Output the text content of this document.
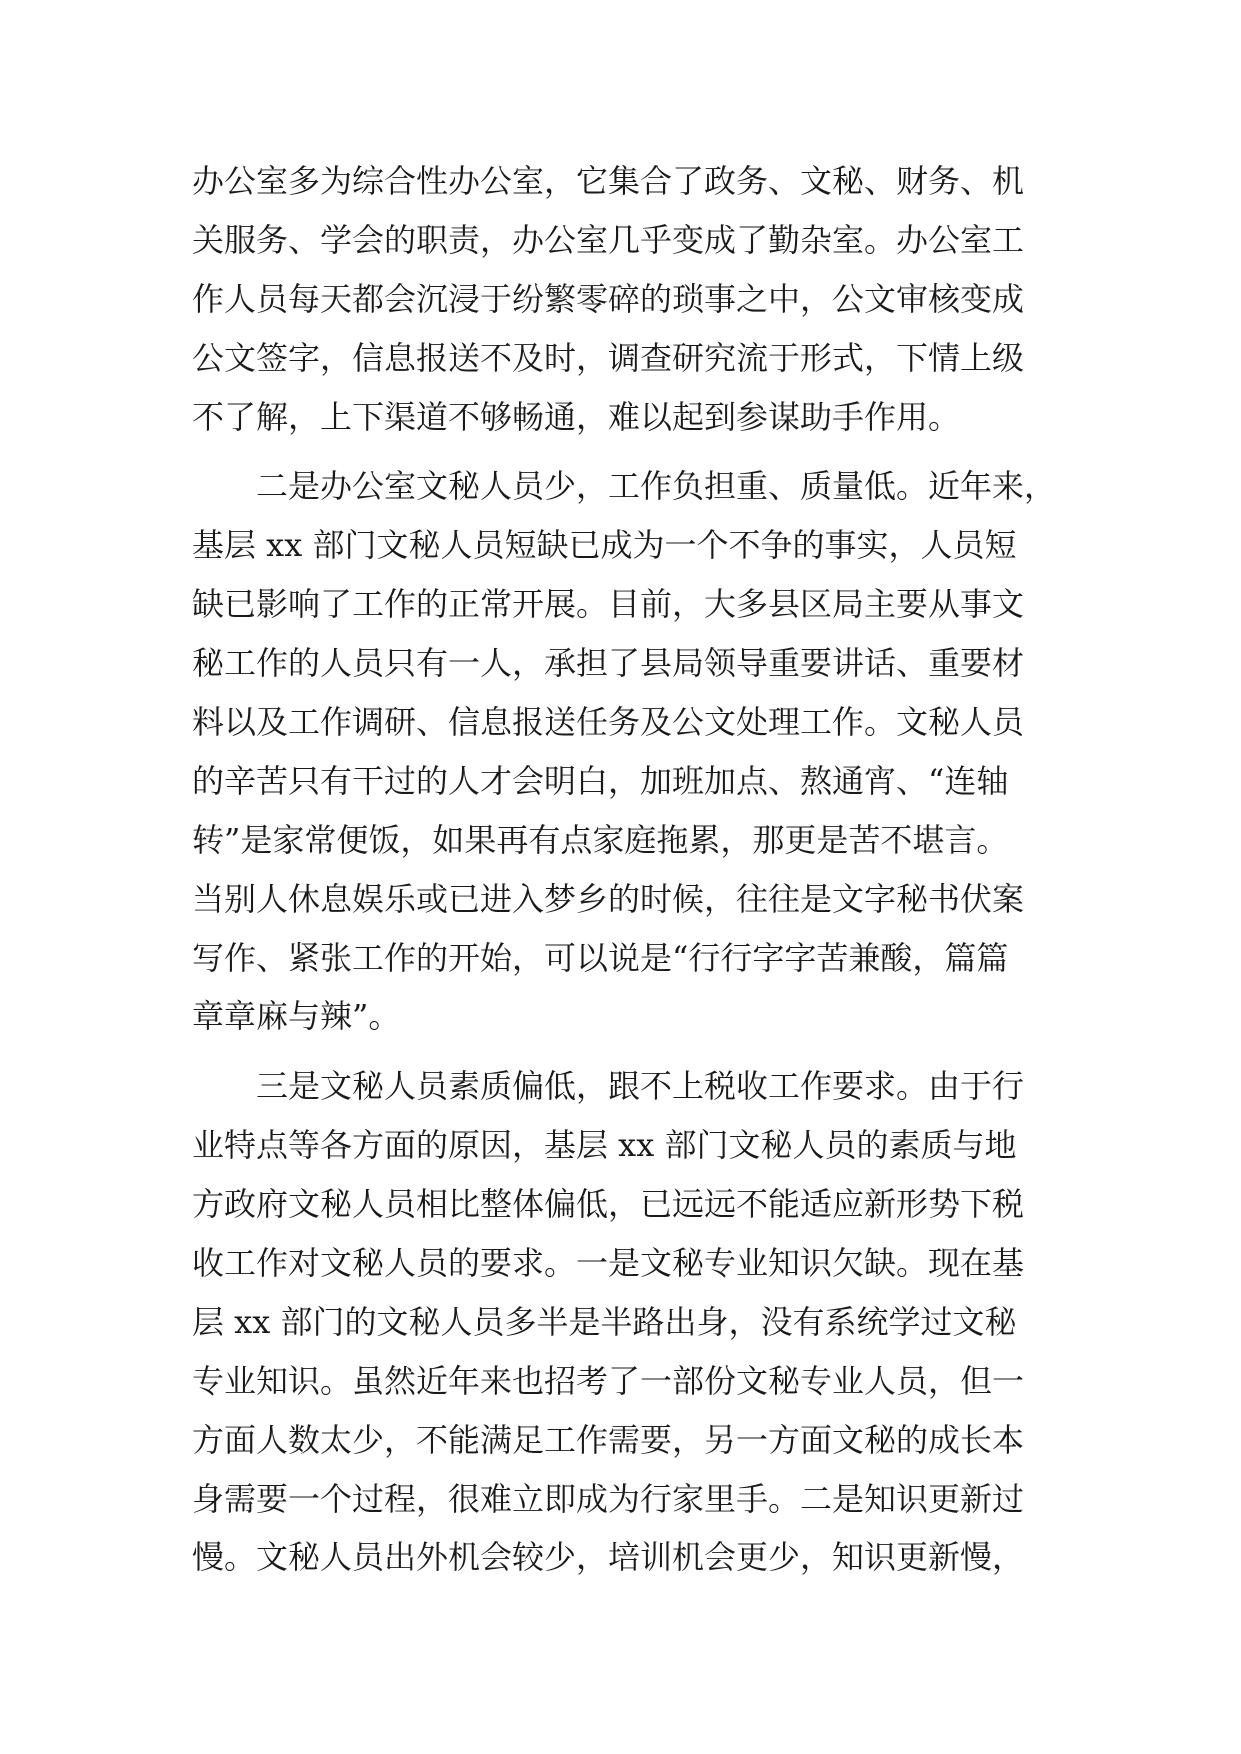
办公室多为综合性办公室，它集合了政务、文秘、财务、机
关服务、学会的职责，办公室几乎变成了勤杂室。办公室工
作人员每天都会沉浸于纷繁零碎的琐事之中，公文审核变成
公文签字，信息报送不及时，调查研究流于形式，下情上级
不了解，上下渠道不够畅通，难以起到参谋助手作用。
　　二是办公室文秘人员少，工作负担重、质量低。近年来，
基层 xx 部门文秘人员短缺已成为一个不争的事实，人员短
缺已影响了工作的正常开展。目前，大多县区局主要从事文
秘工作的人员只有一人，承担了县局领导重要讲话、重要材
料以及工作调研、信息报送任务及公文处理工作。文秘人员
的辛苦只有干过的人才会明白，加班加点、熬通宵、“连轴
转”是家常便饭，如果再有点家庭拖累，那更是苦不堪言。
当别人休息娱乐或已进入梦乡的时候，往往是文字秘书伏案
写作、紧张工作的开始，可以说是“行行字字苦兼酸，篇篇
章章麻与辣”。
　　三是文秘人员素质偏低，跟不上税收工作要求。由于行
业特点等各方面的原因，基层 xx 部门文秘人员的素质与地
方政府文秘人员相比整体偏低，已远远不能适应新形势下税
收工作对文秘人员的要求。一是文秘专业知识欠缺。现在基
层 xx 部门的文秘人员多半是半路出身，没有系统学过文秘
专业知识。虽然近年来也招考了一部份文秘专业人员，但一
方面人数太少，不能满足工作需要，另一方面文秘的成长本
身需要一个过程，很难立即成为行家里手。二是知识更新过
慢。文秘人员出外机会较少，培训机会更少，知识更新慢，
